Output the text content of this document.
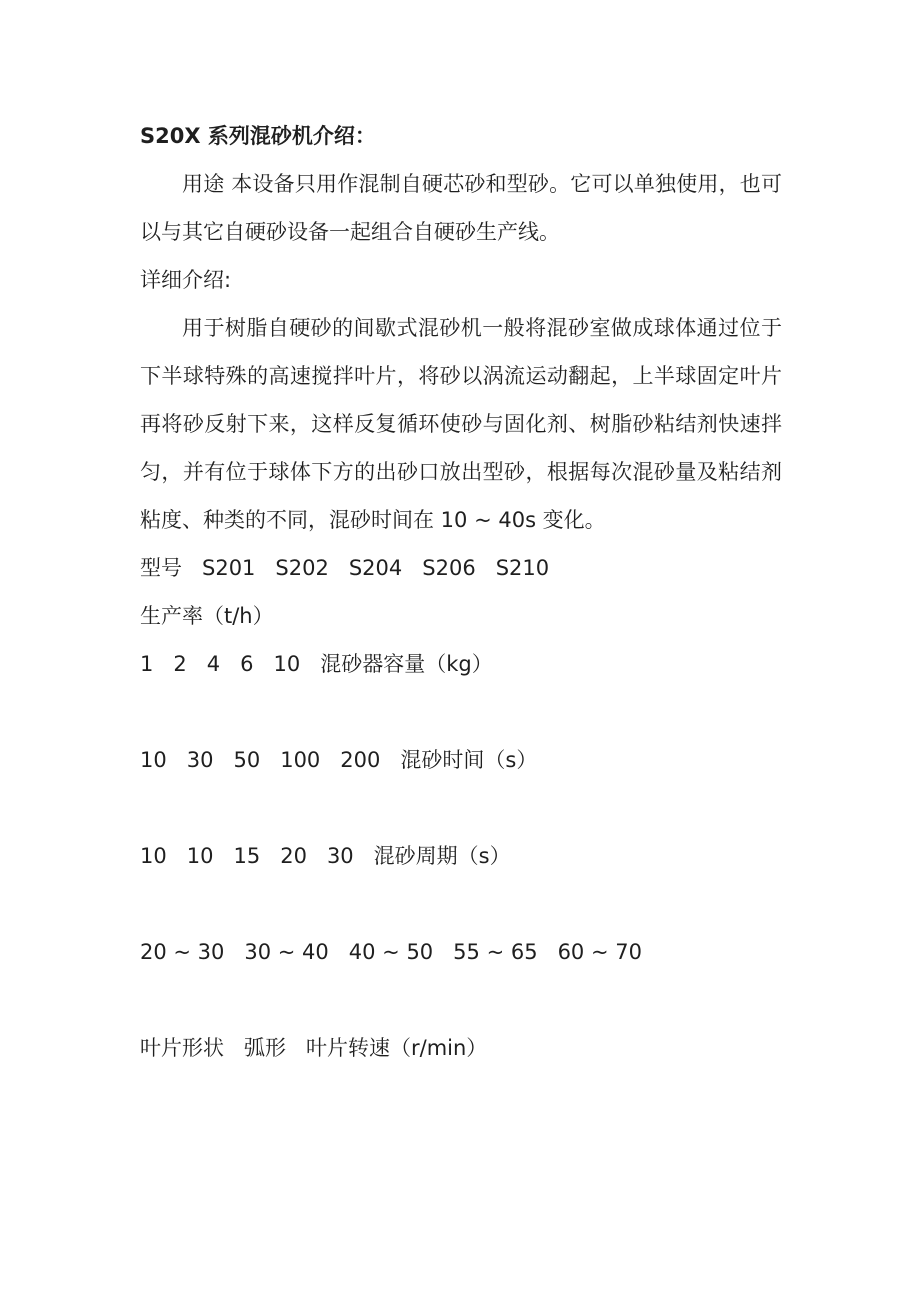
S20X 系列混砂机介绍：
用途 本设备只用作混制自硬芯砂和型砂。它可以单独使用，也可以与其它自硬砂设备一起组合自硬砂生产线。
详细介绍:
用于树脂自硬砂的间歇式混砂机一般将混砂室做成球体通过位于下半球特殊的高速搅拌叶片，将砂以涡流运动翻起，上半球固定叶片再将砂反射下来，这样反复循环使砂与固化剂、树脂砂粘结剂快速拌匀，并有位于球体下方的出砂口放出型砂，根据每次混砂量及粘结剂粘度、种类的不同，混砂时间在 10 ~ 40s 变化。
型号 S201 S202 S204 S206 S210
生产率（t/h）
1 2 4 6 10 混砂器容量（kg）
10 30 50 100 200 混砂时间（s）
10 10 15 20 30 混砂周期（s）
20 ~ 30 30 ~ 40 40 ~ 50 55 ~ 65 60 ~ 70
叶片形状 弧形 叶片转速（r/min）
